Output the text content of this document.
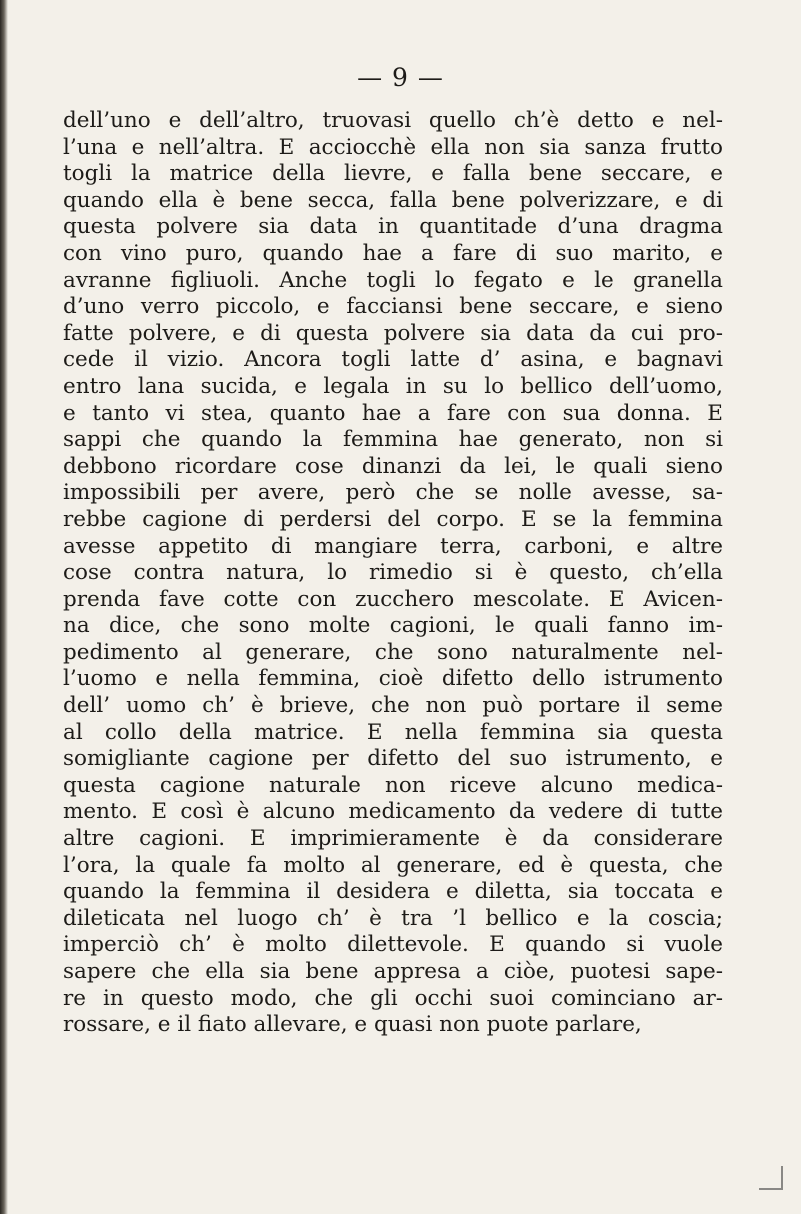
— 9 —
dell’uno e dell’altro, truovasi quello ch’è detto e nel-
l’una e nell’altra. E acciocchè ella non sia sanza frutto
togli la matrice della lievre, e falla bene seccare, e
quando ella è bene secca, falla bene polverizzare, e di
questa polvere sia data in quantitade d’una dragma
con vino puro, quando hae a fare di suo marito, e
avranne figliuoli. Anche togli lo fegato e le granella
d’uno verro piccolo, e facciansi bene seccare, e sieno
fatte polvere, e di questa polvere sia data da cui pro-
cede il vizio. Ancora togli latte d’ asina, e bagnavi
entro lana sucida, e legala in su lo bellico dell’uomo,
e tanto vi stea, quanto hae a fare con sua donna. E
sappi che quando la femmina hae generato, non si
debbono ricordare cose dinanzi da lei, le quali sieno
impossibili per avere, però che se nolle avesse, sa-
rebbe cagione di perdersi del corpo. E se la femmina
avesse appetito di mangiare terra, carboni, e altre
cose contra natura, lo rimedio si è questo, ch’ella
prenda fave cotte con zucchero mescolate. E Avicen-
na dice, che sono molte cagioni, le quali fanno im-
pedimento al generare, che sono naturalmente nel-
l’uomo e nella femmina, cioè difetto dello istrumento
dell’ uomo ch’ è brieve, che non può portare il seme
al collo della matrice. E nella femmina sia questa
somigliante cagione per difetto del suo istrumento, e
questa cagione naturale non riceve alcuno medica-
mento. E così è alcuno medicamento da vedere di tutte
altre cagioni. E imprimieramente è da considerare
l’ora, la quale fa molto al generare, ed è questa, che
quando la femmina il desidera e diletta, sia toccata e
dileticata nel luogo ch’ è tra ’l bellico e la coscia;
imperciò ch’ è molto dilettevole. E quando si vuole
sapere che ella sia bene appresa a ciòe, puotesi sape-
re in questo modo, che gli occhi suoi cominciano ar-
rossare, e il fiato allevare, e quasi non puote parlare,
